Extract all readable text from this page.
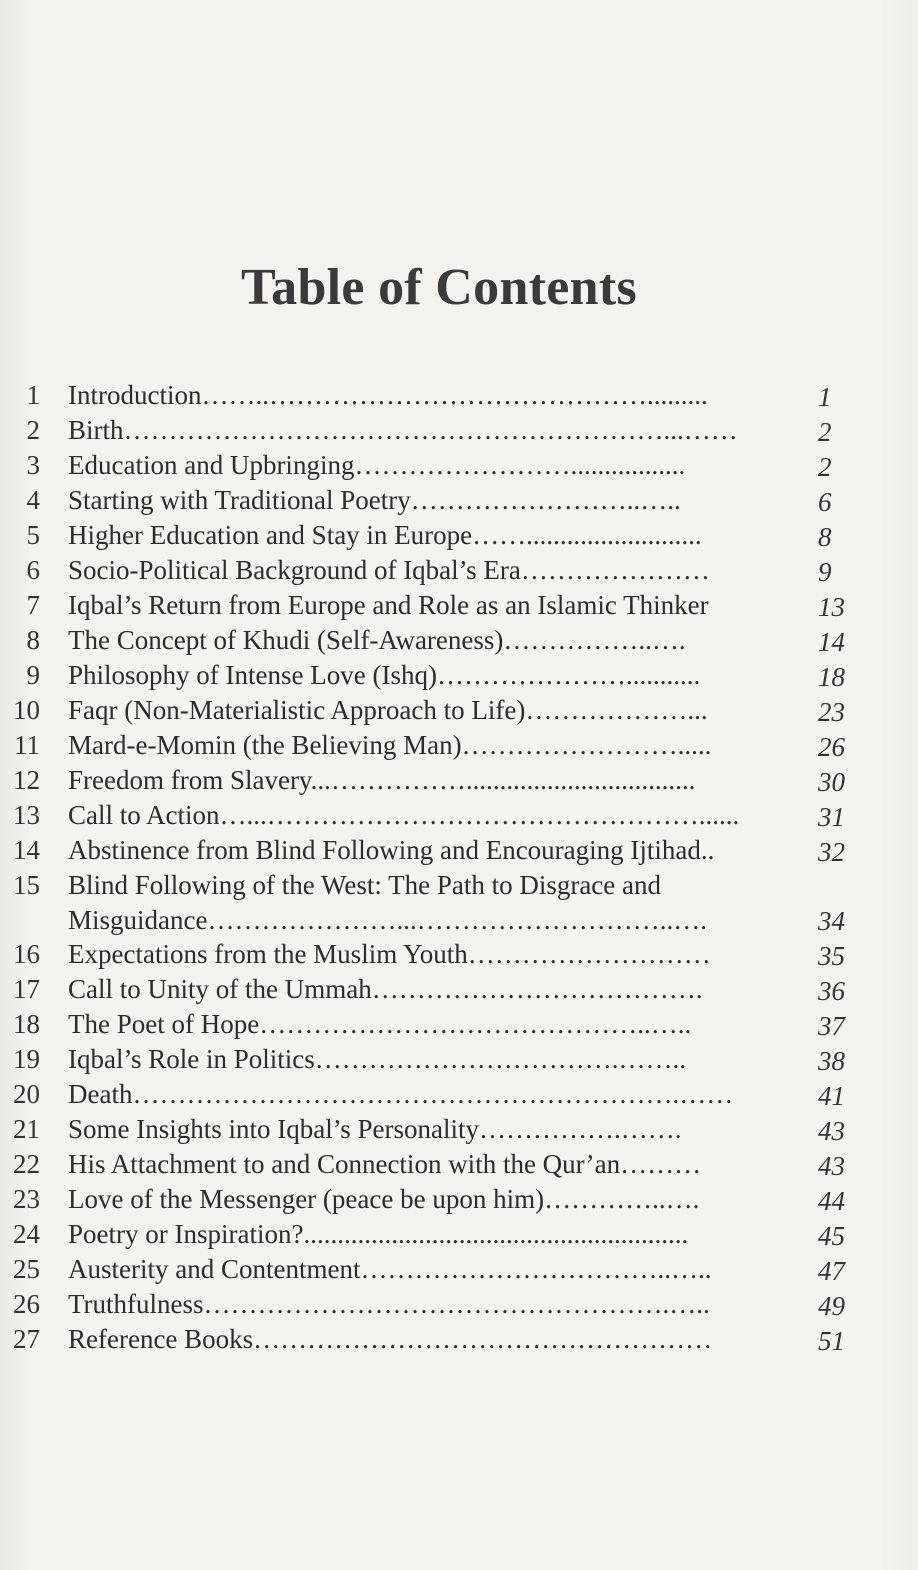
Table of Contents
1 Introduction……..…………………………………….........	1
2 Birth……………………………………………………...……	2
3 Education and Upbringing…………………….................	2
4 Starting with Traditional Poetry……………………..…..	6
5 Higher Education and Stay in Europe……..........................	8
6 Socio-Political Background of Iqbal’s Era…………………	9
7 Iqbal’s Return from Europe and Role as an Islamic Thinker	13
8 The Concept of Khudi (Self-Awareness)……………..….	14
9 Philosophy of Intense Love (Ishq)…………………...........	18
10 Faqr (Non-Materialistic Approach to Life)………………...	23
11 Mard-e-Momin (the Believing Man)…………………….....	26
12 Freedom from Slavery...……………..................................	30
13 Call to Action…...…………………………………………......	31
14 Abstinence from Blind Following and Encouraging Ijtihad..	32
15 Blind Following of the West: The Path to Disgrace and
Misguidance…………………...………………………..….	34
16 Expectations from the Muslim Youth………………………	35
17 Call to Unity of the Ummah……………………………….	36
18 The Poet of Hope……………………………………..…..	37
19 Iqbal’s Role in Politics…………………………….……..	38
20 Death…………………………………………………….……	41
21 Some Insights into Iqbal’s Personality…………….…….	43
22 His Attachment to and Connection with the Qur’an………	43
23 Love of the Messenger (peace be upon him)…………..….	44
24 Poetry or Inspiration?.........................................................	45
25 Austerity and Contentment……………………………..…..	47
26 Truthfulness…………………………………………….…..	49
27 Reference Books……………………………………………	51
